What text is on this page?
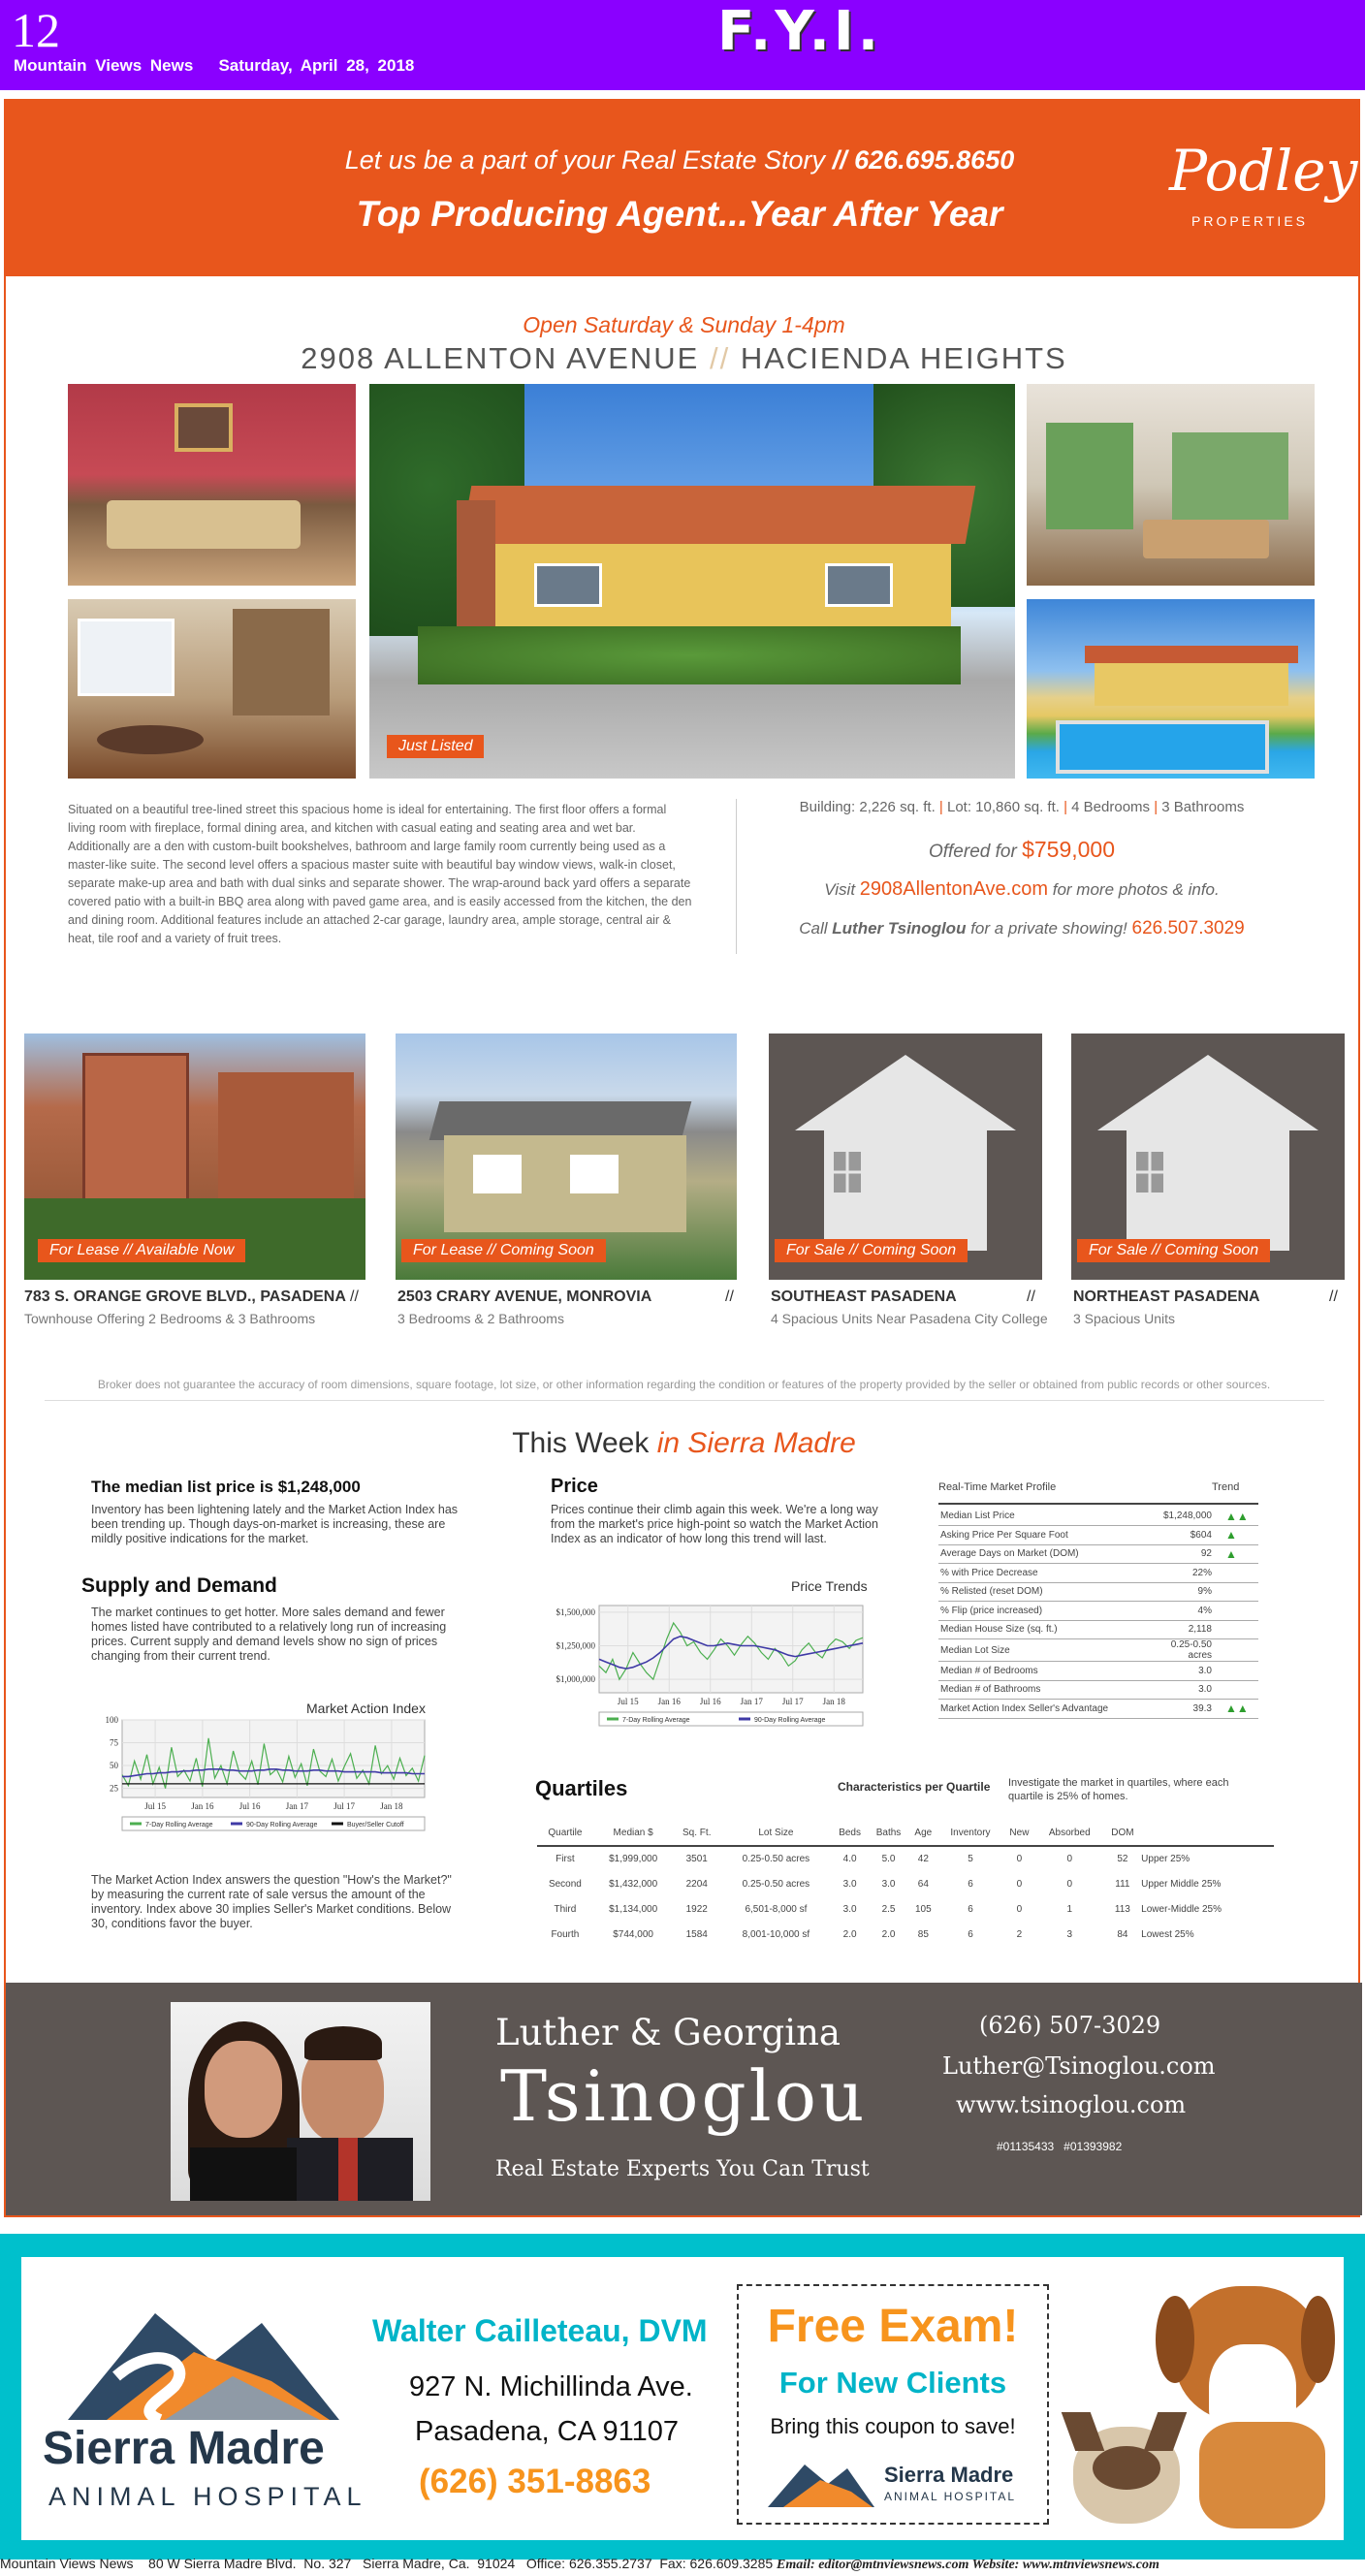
12	F.Y.I.
Mountain Views News Saturday, April 28, 2018
Let us be a part of your Real Estate Story // 626.695.8650
Top Producing Agent...Year After Year
Podley
PROPERTIES
Open Saturday & Sunday 1-4pm
2908 ALLENTON AVENUE // HACIENDA HEIGHTS
Just Listed
Situated on a beautiful tree-lined street this spacious home is ideal for entertaining. The first floor offers a formal living room with fireplace, formal dining area, and kitchen with casual eating and seating area and wet bar. Additionally are a den with custom-built bookshelves, bathroom and large family room currently being used as a master-like suite. The second level offers a spacious master suite with beautiful bay window views, walk-in closet, separate make-up area and bath with dual sinks and separate shower. The wrap-around back yard offers a separate covered patio with a built-in BBQ area along with paved game area, and is easily accessed from the kitchen, the den and dining room. Additional features include an attached 2-car garage, laundry area, ample storage, central air & heat, tile roof and a variety of fruit trees.
Building: 2,226 sq. ft. | Lot: 10,860 sq. ft. | 4 Bedrooms | 3 Bathrooms
Offered for $759,000
Visit 2908AllentonAve.com for more photos & info.
Call Luther Tsinoglou for a private showing! 626.507.3029
For Lease // Available Now
783 S. ORANGE GROVE BLVD., PASADENA //
Townhouse Offering 2 Bedrooms & 3 Bathrooms
For Lease // Coming Soon
2503 CRARY AVENUE, MONROVIA	//
3 Bedrooms & 2 Bathrooms
For Sale // Coming Soon
SOUTHEAST PASADENA	//
4 Spacious Units Near Pasadena City College
For Sale // Coming Soon
NORTHEAST PASADENA	//
3 Spacious Units
Broker does not guarantee the accuracy of room dimensions, square footage, lot size, or other information regarding the condition or features of the property provided by the seller or obtained from public records or other sources.
This Week in Sierra Madre
The median list price is $1,248,000
Inventory has been lightening lately and the Market Action Index has been trending up. Though days-on-market is increasing, these are mildly positive indications for the market.
Supply and Demand
The market continues to get hotter. More sales demand and fewer homes listed have contributed to a relatively long run of increasing prices. Current supply and demand levels show no sign of prices changing from their current trend.
Market Action Index
100
75
50
25
Jul 15	Jan 16	Jul 16	Jan 17	Jul 17	Jan 18
7-Day Rolling Average	90-Day Rolling Average	Buyer/Seller Cutoff
The Market Action Index answers the question "How's the Market?" by measuring the current rate of sale versus the amount of the inventory. Index above 30 implies Seller's Market conditions. Below 30, conditions favor the buyer.
Price
Prices continue their climb again this week. We're a long way from the market's price high-point so watch the Market Action Index as an indicator of how long this trend will last.
Price Trends
$1,500,000
$1,250,000
$1,000,000
Jul 15 Jan 16 Jul 16 Jan 17 Jul 17 Jan 18
7-Day Rolling Average	90-Day Rolling Average
Real-Time Market Profile	Trend
Median List Price	$1,248,000	▲▲
Asking Price Per Square Foot	$604	▲
Average Days on Market (DOM)	92	▲
% with Price Decrease	22%	
% Relisted (reset DOM)	9%	
% Flip (price increased)	4%	
Median House Size (sq. ft.)	2,118	
Median Lot Size	0.25-0.50 acres	
Median # of Bedrooms	3.0	
Median # of Bathrooms	3.0	
Market Action Index Seller's Advantage	39.3	▲▲
Quartiles	Characteristics per Quartile Investigate the market in quartiles, where each quartile is 25% of homes.
Quartile	Median $	Sq. Ft.	Lot Size	Beds	Baths	Age	Inventory	New	Absorbed	DOM	
First	$1,999,000	3501	0.25-0.50 acres	4.0	5.0	42	5	0	0	52	Upper 25%
Second	$1,432,000	2204	0.25-0.50 acres	3.0	3.0	64	6	0	0	111	Upper Middle 25%
Third	$1,134,000	1922	6,501-8,000 sf	3.0	2.5	105	6	0	1	113	Lower-Middle 25%
Fourth	$744,000	1584	8,001-10,000 sf	2.0	2.0	85	6	2	3	84	Lowest 25%
Luther & Georgina
Tsinoglou
Real Estate Experts You Can Trust
(626) 507-3029
Luther@Tsinoglou.com
www.tsinoglou.com
#01135433   #01393982
Sierra Madre
ANIMAL HOSPITAL
Walter Cailleteau, DVM
927 N. Michillinda Ave.
Pasadena, CA 91107
(626) 351-8863
Free Exam!
For New Clients
Bring this coupon to save!
Sierra Madre
ANIMAL HOSPITAL
Mountain Views News    80 W Sierra Madre Blvd.  No. 327   Sierra Madre, Ca.  91024   Office: 626.355.2737  Fax: 626.609.3285 Email: editor@mtnviewsnews.com Website: www.mtnviewsnews.com
